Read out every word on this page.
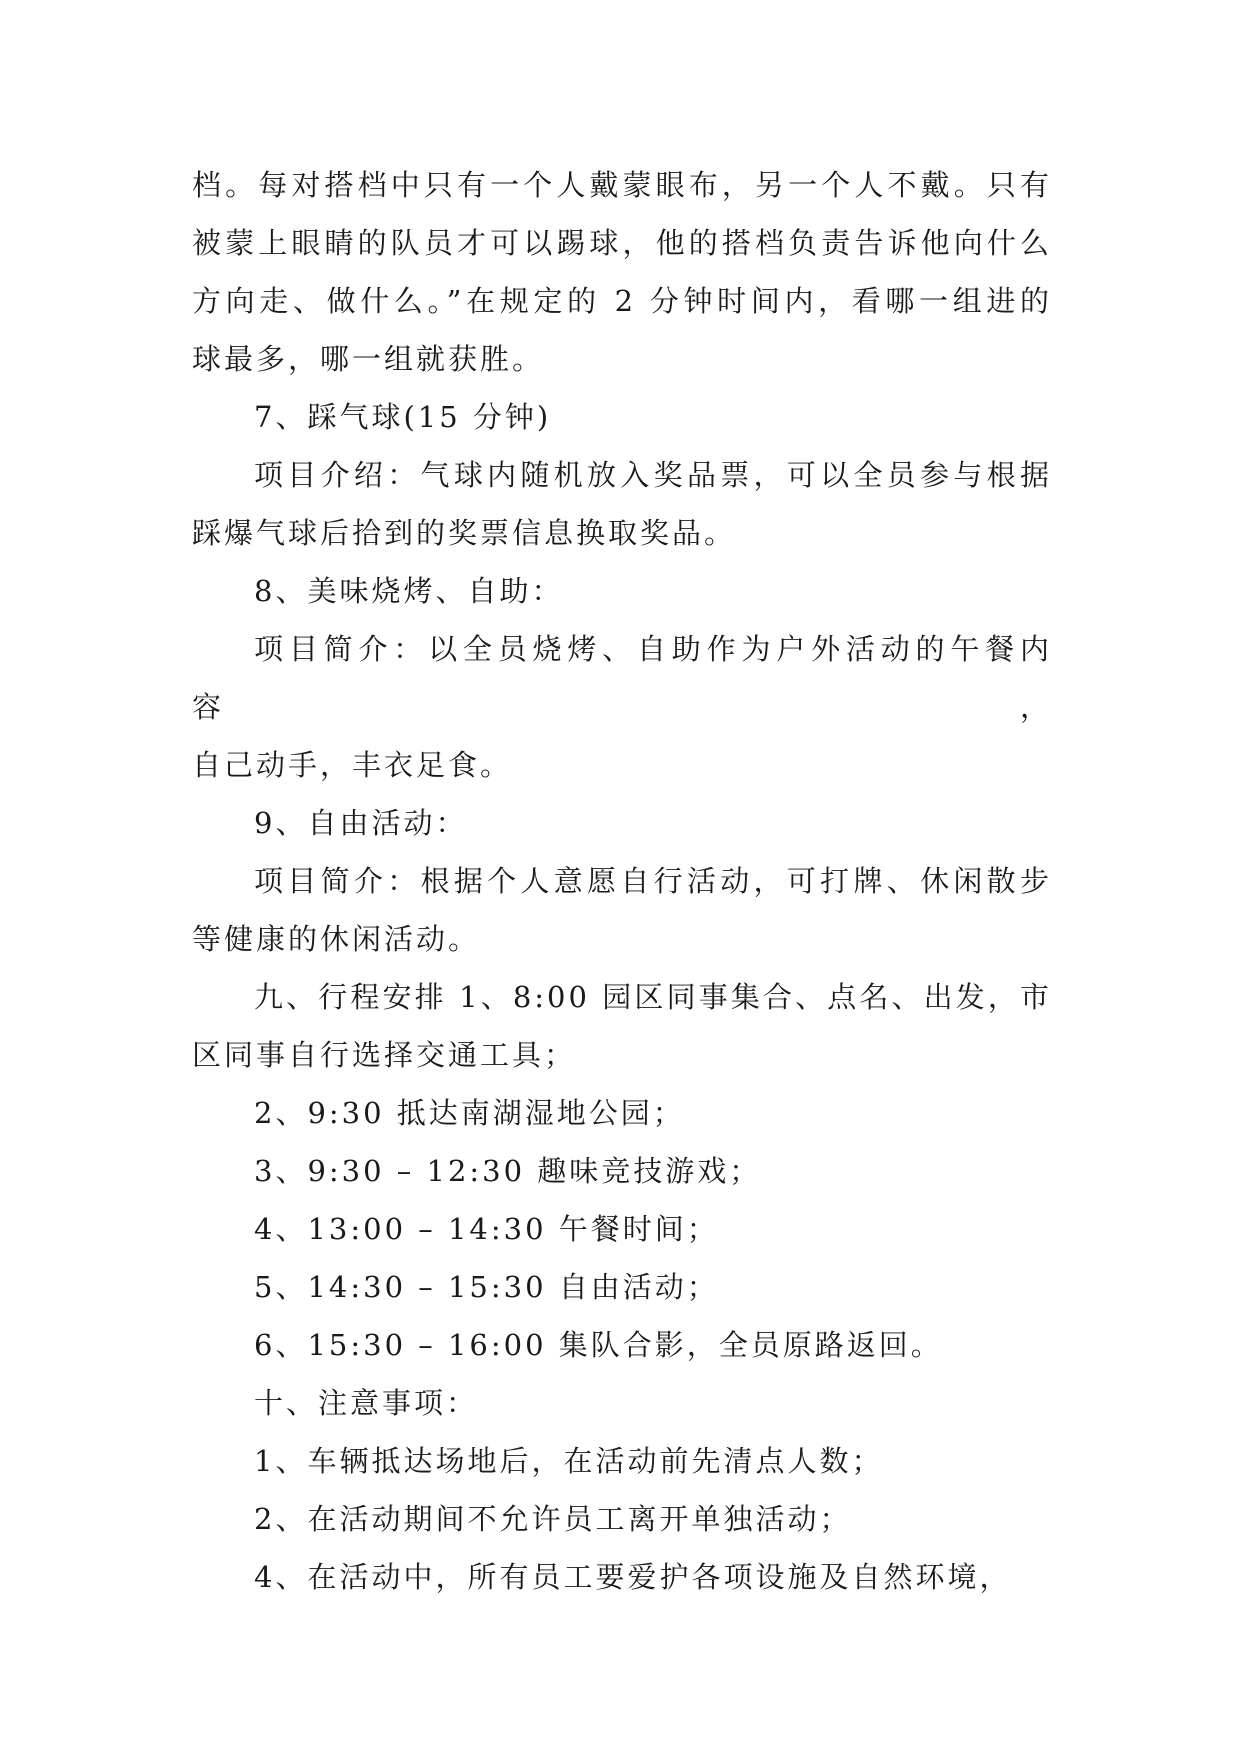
档。每对搭档中只有一个人戴蒙眼布，另一个人不戴。只有

被蒙上眼睛的队员才可以踢球，他的搭档负责告诉他向什么

方向走、做什么。”在规定的 2 分钟时间内，看哪一组进的

球最多，哪一组就获胜。

7、踩气球(15 分钟)

项目介绍：气球内随机放入奖品票，可以全员参与根据

踩爆气球后拾到的奖票信息换取奖品。

8、美味烧烤、自助：

项目简介：以全员烧烤、自助作为户外活动的午餐内容，

自己动手，丰衣足食。

9、自由活动：

项目简介：根据个人意愿自行活动，可打牌、休闲散步

等健康的休闲活动。

九、行程安排 1、8:00 园区同事集合、点名、出发，市

区同事自行选择交通工具；

2、9:30 抵达南湖湿地公园；

3、9:30 – 12:30 趣味竞技游戏；

4、13:00 – 14:30 午餐时间；

5、14:30 – 15:30 自由活动；

6、15:30 – 16:00 集队合影，全员原路返回。

十、注意事项：

1、车辆抵达场地后，在活动前先清点人数；

2、在活动期间不允许员工离开单独活动；

4、在活动中，所有员工要爱护各项设施及自然环境，
